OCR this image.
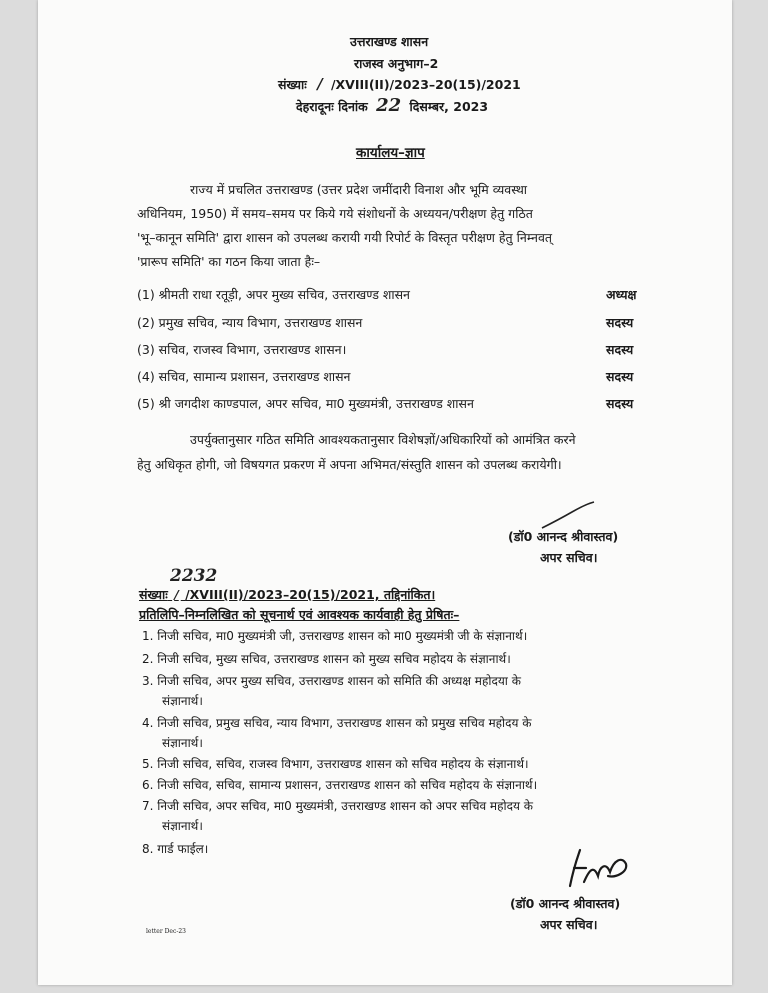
उत्तराखण्ड शासन
राजस्व अनुभाग–2
संख्याः / /XVIII(II)/2023–20(15)/2021
देहरादूनः दिनांक 22 दिसम्बर, 2023
कार्यालय–ज्ञाप
राज्य में प्रचलित उत्तराखण्ड (उत्तर प्रदेश जमींदारी विनाश और भूमि व्यवस्था
अधिनियम, 1950) में समय–समय पर किये गये संशोधनों के अध्ययन/परीक्षण हेतु गठित
'भू–कानून समिति' द्वारा शासन को उपलब्ध करायी गयी रिपोर्ट के विस्तृत परीक्षण हेतु निम्नवत्
'प्रारूप समिति' का गठन किया जाता हैः–
(1) श्रीमती राधा रतूड़ी, अपर मुख्य सचिव, उत्तराखण्ड शासन	अध्यक्ष
(2) प्रमुख सचिव, न्याय विभाग, उत्तराखण्ड शासन	सदस्य
(3) सचिव, राजस्व विभाग, उत्तराखण्ड शासन।	सदस्य
(4) सचिव, सामान्य प्रशासन, उत्तराखण्ड शासन	सदस्य
(5) श्री जगदीश काण्डपाल, अपर सचिव, मा0 मुख्यमंत्री, उत्तराखण्ड शासन	सदस्य
उपर्युक्तानुसार गठित समिति आवश्यकतानुसार विशेषज्ञों/अधिकारियों को आमंत्रित करने
हेतु अधिकृत होगी, जो विषयगत प्रकरण में अपना अभिमत/संस्तुति शासन को उपलब्ध करायेगी।
(डॉ0 आनन्द श्रीवास्तव)
अपर सचिव।
2232
संख्याः / /XVIII(II)/2023–20(15)/2021, तद्दिनांकित।
प्रतिलिपि–निम्नलिखित को सूचनार्थ एवं आवश्यक कार्यवाही हेतु प्रेषितः–
1. निजी सचिव, मा0 मुख्यमंत्री जी, उत्तराखण्ड शासन को मा0 मुख्यमंत्री जी के संज्ञानार्थ।
2. निजी सचिव, मुख्य सचिव, उत्तराखण्ड शासन को मुख्य सचिव महोदय के संज्ञानार्थ।
3. निजी सचिव, अपर मुख्य सचिव, उत्तराखण्ड शासन को समिति की अध्यक्ष महोदया के
संज्ञानार्थ।
4. निजी सचिव, प्रमुख सचिव, न्याय विभाग, उत्तराखण्ड शासन को प्रमुख सचिव महोदय के
संज्ञानार्थ।
5. निजी सचिव, सचिव, राजस्व विभाग, उत्तराखण्ड शासन को सचिव महोदय के संज्ञानार्थ।
6. निजी सचिव, सचिव, सामान्य प्रशासन, उत्तराखण्ड शासन को सचिव महोदय के संज्ञानार्थ।
7. निजी सचिव, अपर सचिव, मा0 मुख्यमंत्री, उत्तराखण्ड शासन को अपर सचिव महोदय के
संज्ञानार्थ।
8. गार्ड फाईल।
(डॉ0 आनन्द श्रीवास्तव)
अपर सचिव।
letter Dec-23
